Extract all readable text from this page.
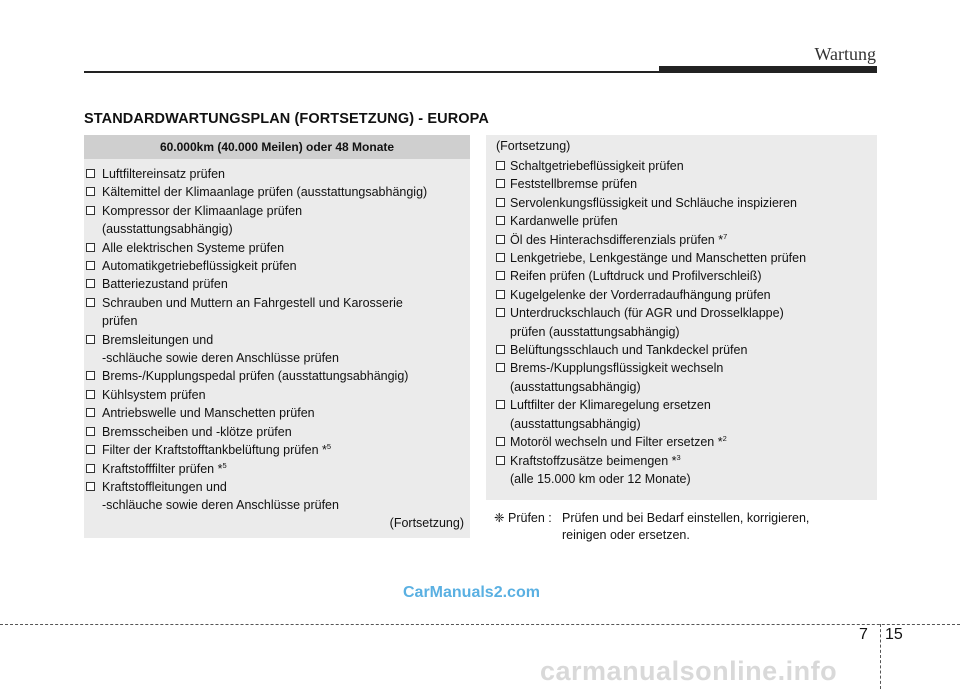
Wartung
STANDARDWARTUNGSPLAN (FORTSETZUNG) - EUROPA
60.000km (40.000 Meilen) oder 48 Monate
Luftfiltereinsatz prüfen
Kältemittel der Klimaanlage prüfen (ausstattungsabhängig)
Kompressor der Klimaanlage prüfen
(ausstattungsabhängig)
Alle elektrischen Systeme prüfen
Automatikgetriebeflüssigkeit prüfen
Batteriezustand prüfen
Schrauben und Muttern an Fahrgestell und Karosserie
prüfen
Bremsleitungen und
-schläuche sowie deren Anschlüsse prüfen
Brems-/Kupplungspedal prüfen (ausstattungsabhängig)
Kühlsystem prüfen
Antriebswelle und Manschetten prüfen
Bremsscheiben und -klötze prüfen
Filter der Kraftstofftankbelüftung prüfen *$^5$
Kraftstofffilter prüfen *$^5$
Kraftstoffleitungen und
-schläuche sowie deren Anschlüsse prüfen
(Fortsetzung)
(Fortsetzung)
Schaltgetriebeflüssigkeit prüfen
Feststellbremse prüfen
Servolenkungsflüssigkeit und Schläuche inspizieren
Kardanwelle prüfen
Öl des Hinterachsdifferenzials prüfen *$^7$
Lenkgetriebe, Lenkgestänge und Manschetten prüfen
Reifen prüfen (Luftdruck und Profilverschleiß)
Kugelgelenke der Vorderradaufhängung prüfen
Unterdruckschlauch (für AGR und Drosselklappe)
prüfen (ausstattungsabhängig)
Belüftungsschlauch und Tankdeckel prüfen
Brems-/Kupplungsflüssigkeit wechseln
(ausstattungsabhängig)
Luftfilter der Klimaregelung ersetzen
(ausstattungsabhängig)
Motoröl wechseln und Filter ersetzen *$^2$
Kraftstoffzusätze beimengen *$^3$
(alle 15.000 km oder 12 Monate)
❈ Prüfen : Prüfen und bei Bedarf einstellen, korrigieren,
reinigen oder ersetzen.
CarManuals2.com
7 15
carmanualsonline.info
